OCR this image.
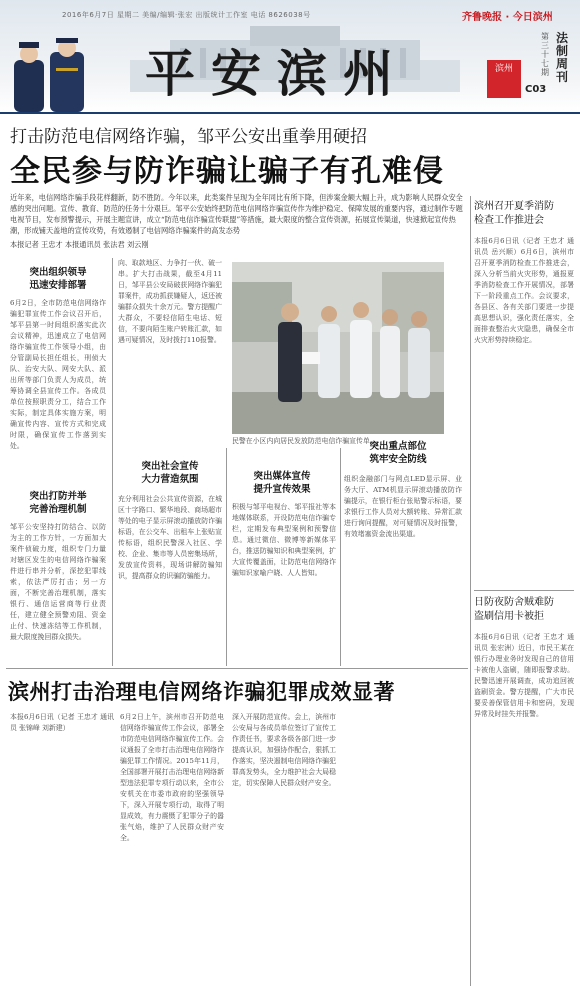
2016年6月7日 星期二 美编/编辑·张宏 出版统计工作室 电话 8626038号	齐鲁晚报 · 今日滨州
平安滨州	滨州
C03
第三十七期
法制周刊
打击防范电信网络诈骗，邹平公安出重拳用硬招
全民参与防诈骗让骗子有孔难侵
近年来，电信网络诈骗手段花样翻新，防不胜防。今年以来，此类案件呈现为全年同比有所下降，但涉案金额大幅上升，成为影响人民群众安全感的突出问题。宣传、教育、防范的任务十分艰巨。邹平公安始终把防范电信网络诈骗宣传作为维护稳定、保障发展的重要内容，通过制作专题电视节目，发布预警提示，开展主题宣讲，成立“防范电信诈骗宣传联盟”等措施，最大限度的整合宣传资源，拓展宣传渠道，快速掀起宣传热潮，形成铺天盖地的宣传攻势，有效遏制了电信网络诈骗案件的高发态势
本报记者 王忠才 本报通讯员 张法君 刘云刚
突出组织领导
迅速安排部署
6月2日，全市防范电信网络诈骗犯罪宣传工作会议召开后，邹平县第一时间组织落实此次会议精神，迅速成立了电信网络诈骗宣传工作领导小组，由分管副局长担任组长，刑侦大队、治安大队、网安大队、派出所等部门负责人为成员，统筹协调全县宣传工作。各成员单位按照职责分工，结合工作实际，制定具体实施方案，明确宣传内容、宣传方式和完成时限，确保宣传工作落到实处。
突出打防并举
完善治理机制
邹平公安坚持打防结合、以防为主的工作方针，一方面加大案件侦破力度，组织专门力量对辖区发生的电信网络诈骗案件进行串并分析，深挖犯罪线索，依法严厉打击；另一方面，不断完善治理机制，落实银行、通信运营商等行业责任，建立健全预警劝阻、资金止付、快速冻结等工作机制，最大限度挽回群众损失。
向、取款地区、力争打一伙、破一串。扩大打击战果，截至4月11日，邹平县公安局破获网络诈骗犯罪案件，成功抓获嫌疑人，返还被骗群众损失十余万元。警方提醒广大群众，不要轻信陌生电话、短信，不要向陌生账户转账汇款，如遇可疑情况，及时拨打110报警。
突出社会宣传
大力营造氛围
充分利用社会公共宣传资源，在城区十字路口、繁华地段、商场超市等处的电子显示屏滚动播放防诈骗标语，在公交车、出租车上张贴宣传标语，组织民警深入社区、学校、企业、集市等人员密集场所，发放宣传资料，现场讲解防骗知识，提高群众的识骗防骗能力。
民警在小区内向居民发放防范电信诈骗宣传单。
突出媒体宣传
提升宣传效果
积极与邹平电视台、邹平报社等本地媒体联系，开设防范电信诈骗专栏，定期发布典型案例和预警信息。通过微信、微博等新媒体平台，推送防骗知识和典型案例，扩大宣传覆盖面，让防范电信网络诈骗知识家喻户晓、人人皆知。
突出重点部位
筑牢安全防线
组织金融部门与网点LED显示屏、业务大厅、ATM机显示屏滚动播放防诈骗提示，在银行柜台张贴警示标语，要求银行工作人员对大额转账、异常汇款进行询问提醒，对可疑情况及时报警，有效堵塞资金流出渠道。
滨州打击治理电信网络诈骗犯罪成效显著
本报6月6日讯（记者 王忠才 通讯员 张锦峰 刘新建）
6月2日上午，滨州市召开防范电信网络诈骗宣传工作会议，部署全市防范电信网络诈骗宣传工作。会议通报了全市打击治理电信网络诈骗犯罪工作情况。2015年11月，全国部署开展打击治理电信网络新型违法犯罪专项行动以来，全市公安机关在市委市政府的坚强领导下，深入开展专项行动，取得了明显成效，有力震慑了犯罪分子的嚣张气焰，维护了人民群众财产安全。
深入开展防范宣传。会上，滨州市公安局与各成员单位签订了宣传工作责任书，要求各级各部门进一步提高认识，加强协作配合，狠抓工作落实，坚决遏制电信网络诈骗犯罪高发势头，全力维护社会大局稳定，切实保障人民群众财产安全。
滨州召开夏季消防
检查工作推进会
本报6月6日讯（记者 王忠才 通讯员 岳兴顺）6月6日，滨州市召开夏季消防检查工作推进会，深入分析当前火灾形势，通报夏季消防检查工作开展情况，部署下一阶段重点工作。会议要求，各县区、各有关部门要进一步提高思想认识，强化责任落实，全面排查整治火灾隐患，确保全市火灾形势持续稳定。
日防夜防舍贼难防
盗刷信用卡被拒
本报6月6日讯（记者 王忠才 通讯员 张宏洲）近日，市民王某在银行办理业务时发现自己的信用卡被他人盗刷，随即报警求助。民警迅速开展调查，成功追回被盗刷资金。警方提醒，广大市民要妥善保管信用卡和密码，发现异常及时挂失并报警。
